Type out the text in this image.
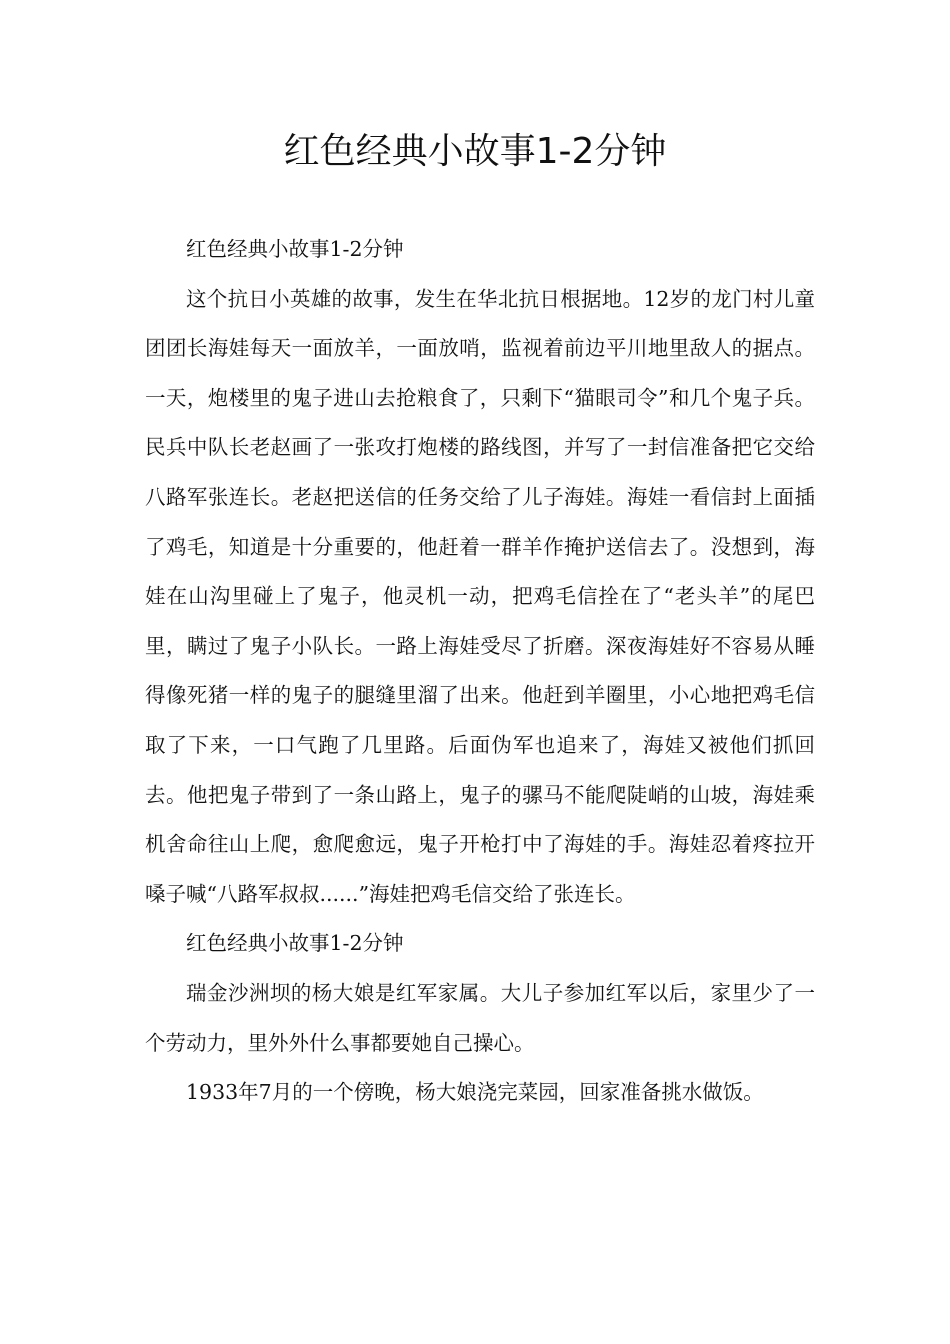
红色经典小故事1-2分钟

红色经典小故事1-2分钟

这个抗日小英雄的故事，发生在华北抗日根据地。12岁的龙门村儿童团团长海娃每天一面放羊，一面放哨，监视着前边平川地里敌人的据点。一天，炮楼里的鬼子进山去抢粮食了，只剩下“猫眼司令”和几个鬼子兵。民兵中队长老赵画了一张攻打炮楼的路线图，并写了一封信准备把它交给八路军张连长。老赵把送信的任务交给了儿子海娃。海娃一看信封上面插了鸡毛，知道是十分重要的，他赶着一群羊作掩护送信去了。没想到，海娃在山沟里碰上了鬼子，他灵机一动，把鸡毛信拴在了“老头羊”的尾巴里，瞒过了鬼子小队长。一路上海娃受尽了折磨。深夜海娃好不容易从睡得像死猪一样的鬼子的腿缝里溜了出来。他赶到羊圈里，小心地把鸡毛信取了下来，一口气跑了几里路。后面伪军也追来了，海娃又被他们抓回去。他把鬼子带到了一条山路上，鬼子的骡马不能爬陡峭的山坡，海娃乘机舍命往山上爬，愈爬愈远，鬼子开枪打中了海娃的手。海娃忍着疼拉开嗓子喊“八路军叔叔......”海娃把鸡毛信交给了张连长。

红色经典小故事1-2分钟

瑞金沙洲坝的杨大娘是红军家属。大儿子参加红军以后，家里少了一个劳动力，里外外什么事都要她自己操心。

1933年7月的一个傍晚，杨大娘浇完菜园，回家准备挑水做饭。
